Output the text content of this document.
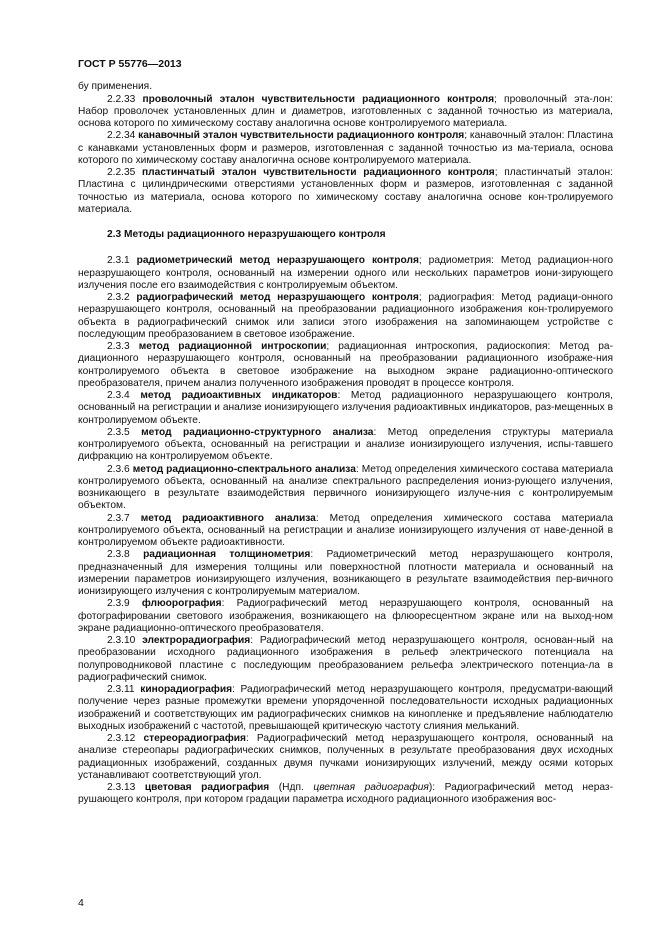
ГОСТ Р 55776—2013

бу применения.

2.2.33 проволочный эталон чувствительности радиационного контроля; проволочный эта-лон: Набор проволочек установленных длин и диаметров, изготовленных с заданной точностью из материала, основа которого по химическому составу аналогична основе контролируемого материала.

2.2.34 канавочный эталон чувствительности радиационного контроля; канавочный эталон: Пластина с канавками установленных форм и размеров, изготовленная с заданной точностью из ма-териала, основа которого по химическому составу аналогична основе контролируемого материала.

2.2.35 пластинчатый эталон чувствительности радиационного контроля; пластинчатый эталон: Пластина с цилиндрическими отверстиями установленных форм и размеров, изготовленная с заданной точностью из материала, основа которого по химическому составу аналогична основе кон-тролируемого материала.

2.3 Методы радиационного неразрушающего контроля

2.3.1 радиометрический метод неразрушающего контроля; радиометрия: Метод радиацион-ного неразрушающего контроля, основанный на измерении одного или нескольких параметров иони-зирующего излучения после его взаимодействия с контролируемым объектом.

2.3.2 радиографический метод неразрушающего контроля; радиография: Метод радиаци-онного неразрушающего контроля, основанный на преобразовании радиационного изображения кон-тролируемого объекта в радиографический снимок или записи этого изображения на запоминающем устройстве с последующим преобразованием в световое изображение.

2.3.3 метод радиационной интроскопии; радиационная интроскопия, радиоскопия: Метод ра-диационного неразрушающего контроля, основанный на преобразовании радиационного изображе-ния контролируемого объекта в световое изображение на выходном экране радиационно-оптического преобразователя, причем анализ полученного изображения проводят в процессе контроля.

2.3.4 метод радиоактивных индикаторов: Метод радиационного неразрушающего контроля, основанный на регистрации и анализе ионизирующего излучения радиоактивных индикаторов, раз-мещенных в контролируемом объекте.

2.3.5 метод радиационно-структурного анализа: Метод определения структуры материала контролируемого объекта, основанный на регистрации и анализе ионизирующего излучения, испы-тавшего дифракцию на контролируемом объекте.

2.3.6 метод радиационно-спектрального анализа: Метод определения химического состава материала контролируемого объекта, основанный на анализе спектрального распределения иониз-рующего излучения, возникающего в результате взаимодействия первичного ионизирующего излуче-ния с контролируемым объектом.

2.3.7 метод радиоактивного анализа: Метод определения химического состава материала контролируемого объекта, основанный на регистрации и анализе ионизирующего излучения от наве-денной в контролируемом объекте радиоактивности.

2.3.8 радиационная толщинометрия: Радиометрический метод неразрушающего контроля, предназначенный для измерения толщины или поверхностной плотности материала и основанный на измерении параметров ионизирующего излучения, возникающего в результате взаимодействия пер-вичного ионизирующего излучения с контролируемым материалом.

2.3.9 флюорография: Радиографический метод неразрушающего контроля, основанный на фотографировании светового изображения, возникающего на флюоресцентном экране или на выход-ном экране радиационно-оптического преобразователя.

2.3.10 электрорадиография: Радиографический метод неразрушающего контроля, основан-ный на преобразовании исходного радиационного изображения в рельеф электрического потенциала на полупроводниковой пластине с последующим преобразованием рельефа электрического потенциа-ла в радиографический снимок.

2.3.11 кинорадиография: Радиографический метод неразрушающего контроля, предусматри-вающий получение через разные промежутки времени упорядоченной последовательности исходных радиационных изображений и соответствующих им радиографических снимков на кинопленке и предъявление наблюдателю выходных изображений с частотой, превышающей критическую частоту слияния мельканий.

2.3.12 стереорадиография: Радиографический метод неразрушающего контроля, основанный на анализе стереопары радиографических снимков, полученных в результате преобразования двух исходных радиационных изображений, созданных двумя пучками ионизирующих излучений, между осями которых устанавливают соответствующий угол.

2.3.13 цветовая радиография (Ндп. цветная радиография): Радиографический метод нераз-рушающего контроля, при котором градации параметра исходного радиационного изображения вос-

4
